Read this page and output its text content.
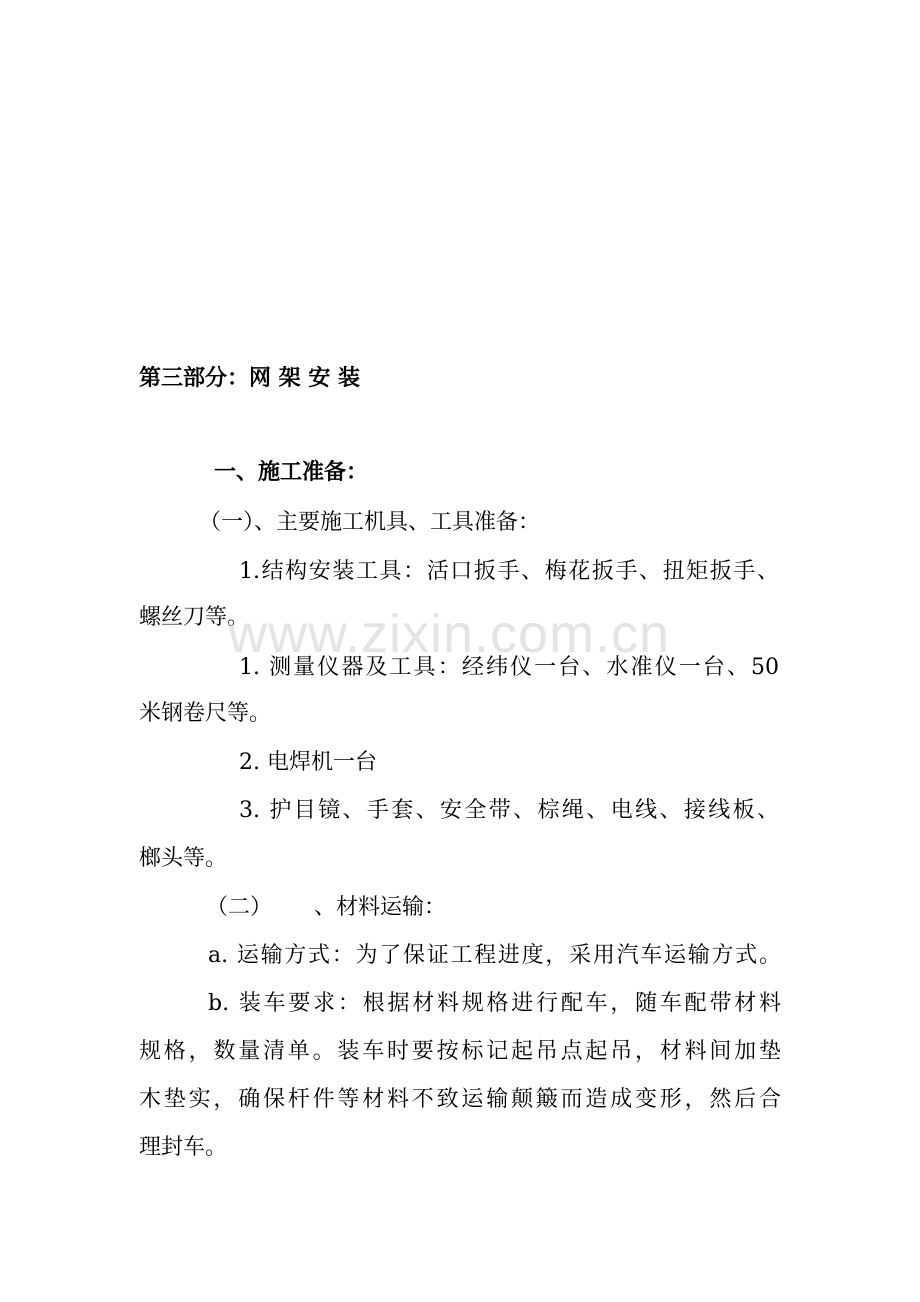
第三部分：网 架 安 装
一、施工准备：
（一）、主要施工机具、工具准备：
1.结构安装工具：活口扳手、梅花扳手、扭矩扳手、
螺丝刀等。
1. 测量仪器及工具：经纬仪一台、水准仪一台、50
米钢卷尺等。
2. 电焊机一台
3. 护目镜、手套、安全带、棕绳、电线、接线板、
榔头等。
（二）      、材料运输：
a. 运输方式：为了保证工程进度，采用汽车运输方式。
b. 装车要求：根据材料规格进行配车，随车配带材料
规格，数量清单。装车时要按标记起吊点起吊，材料间加垫
木垫实，确保杆件等材料不致运输颠簸而造成变形，然后合
理封车。
www.zixin.com.cn
